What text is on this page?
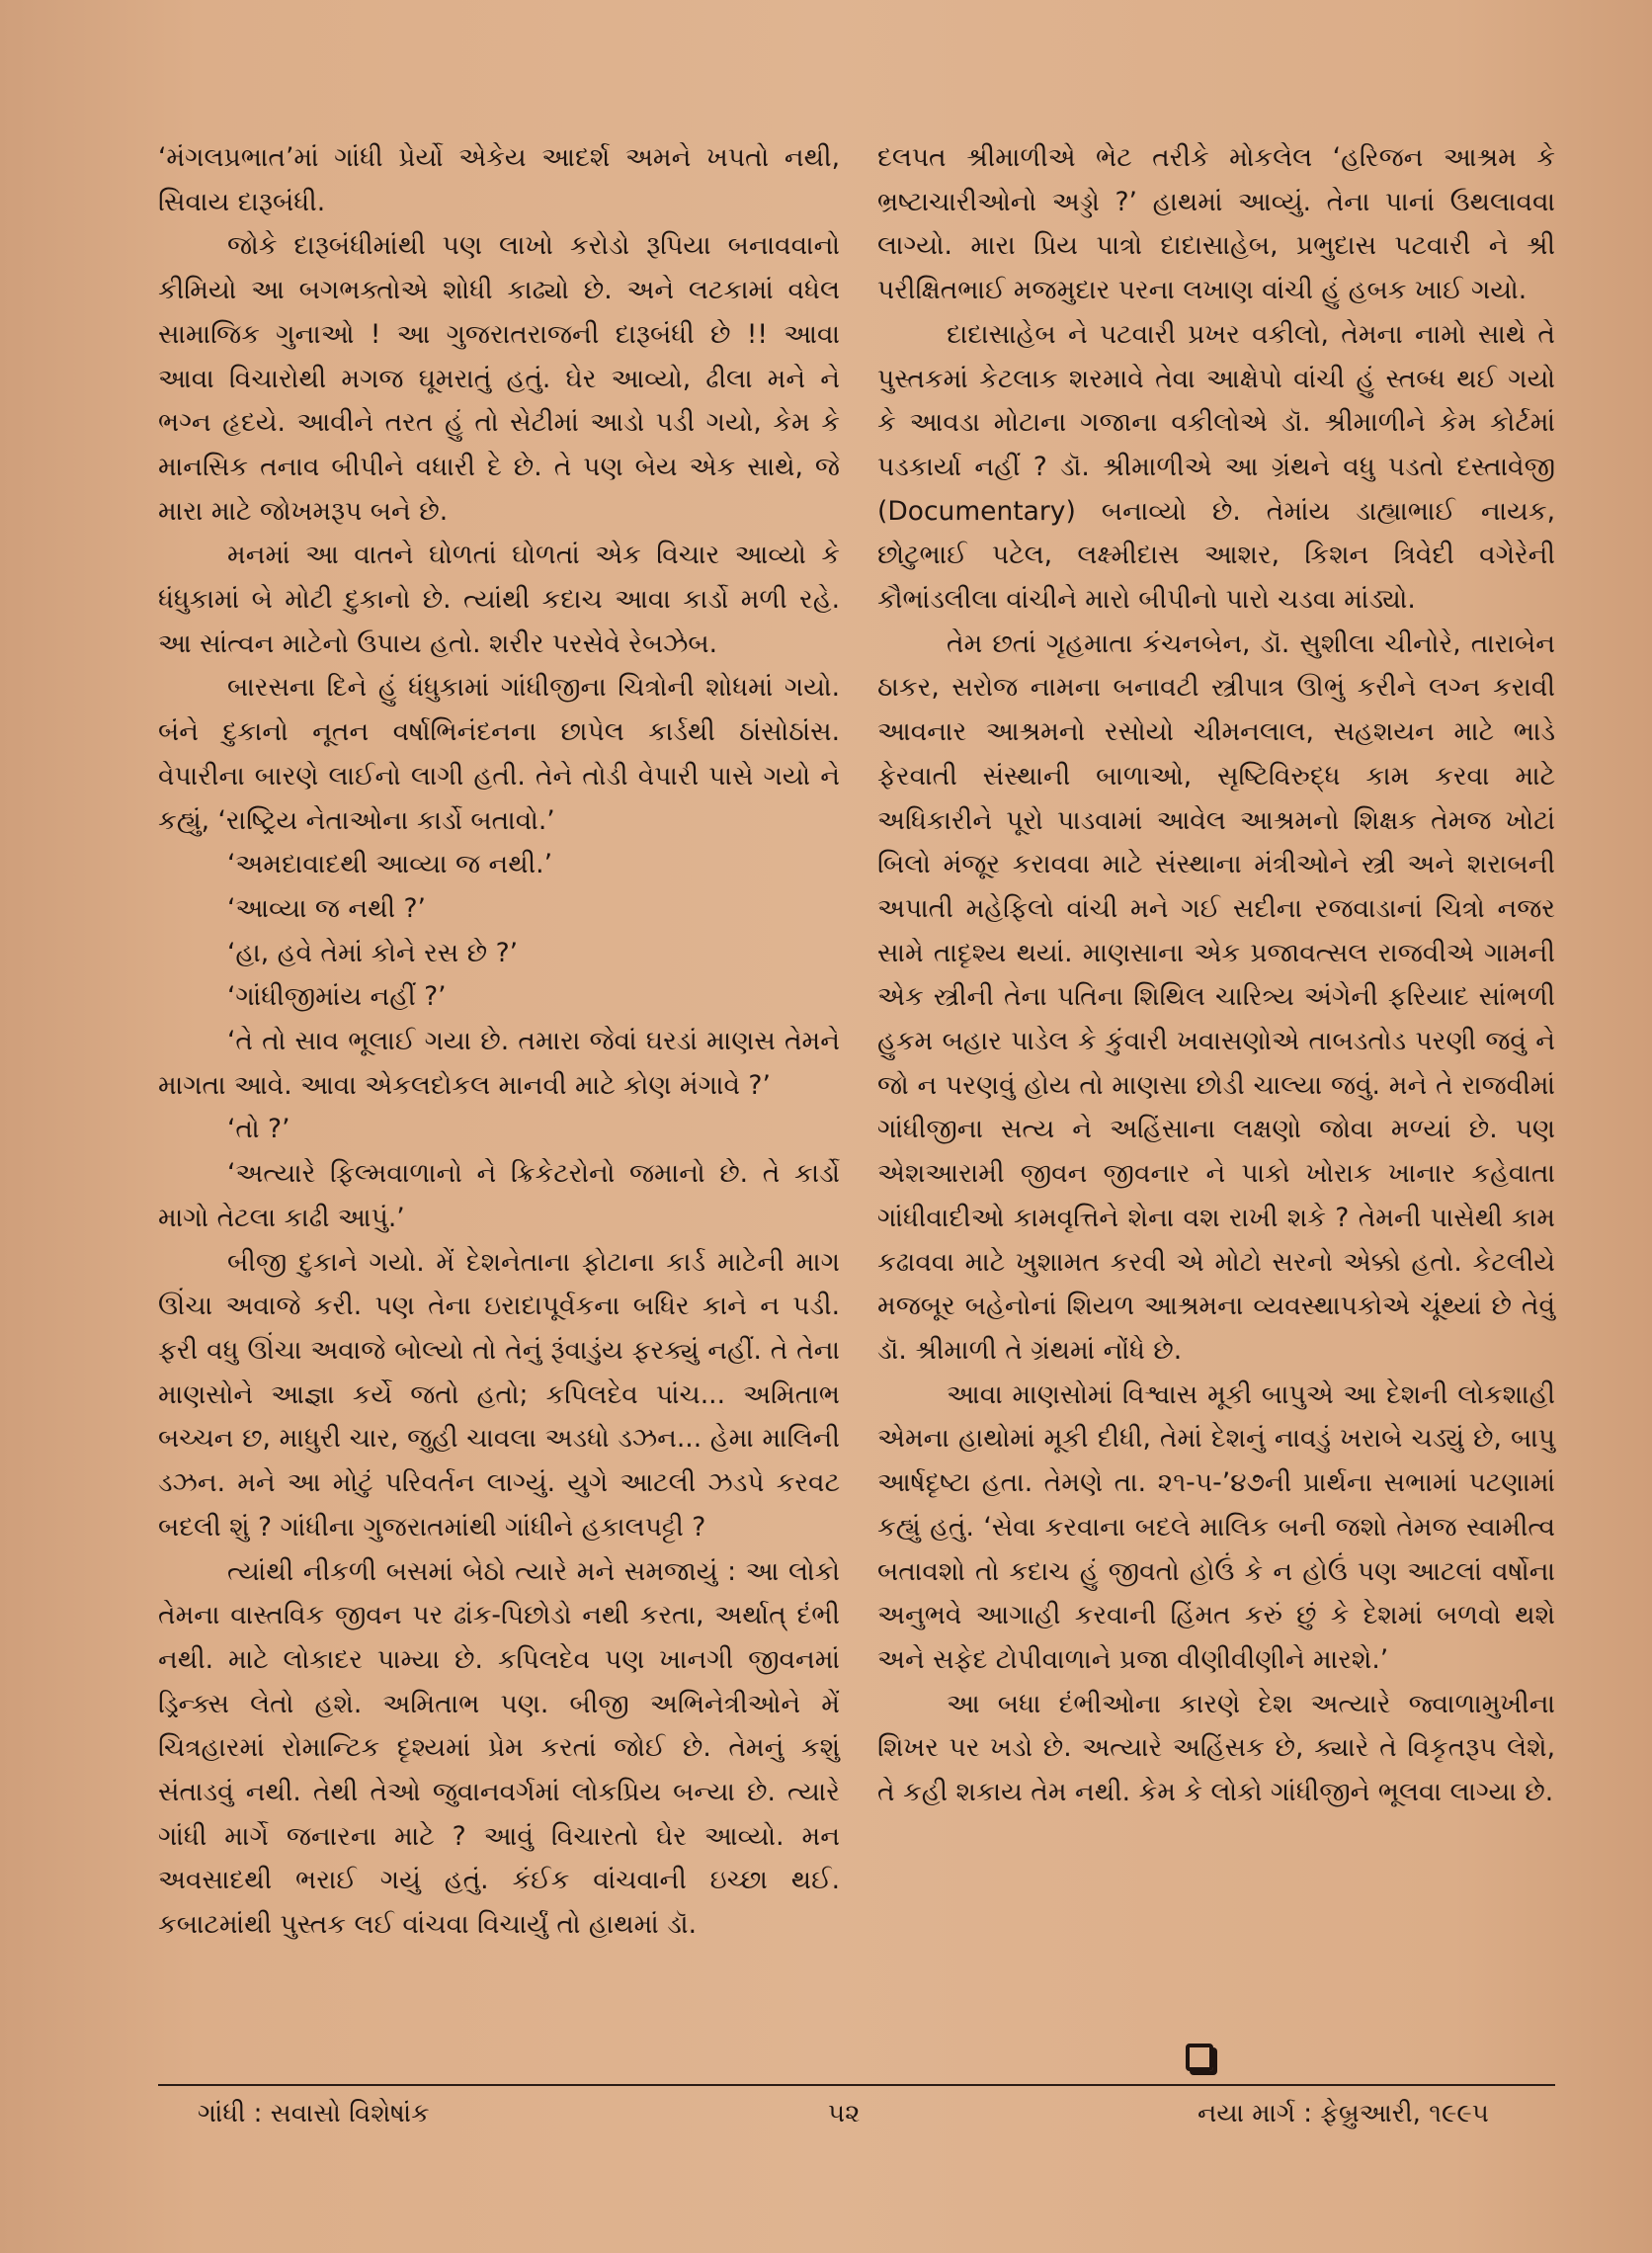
‘મંગલપ્રભાત’માં ગાંધી પ્રેર્યો એકેય આદર્શ અમને ખપતો નથી, સિવાય દારૂબંધી.

જોકે દારૂબંધીમાંથી પણ લાખો કરોડો રૂપિયા બનાવવાનો કીમિયો આ બગભક્તોએ શોધી કાઢ્યો છે. અને લટકામાં વધેલ સામાજિક ગુનાઓ ! આ ગુજરાતરાજની દારૂબંધી છે !! આવા આવા વિચારોથી મગજ ઘૂમરાતું હતું. ઘેર આવ્યો, ઢીલા મને ને ભગ્ન હૃદયે. આવીને તરત હું તો સેટીમાં આડો પડી ગયો, કેમ કે માનસિક તનાવ બીપીને વધારી દે છે. તે પણ બેય એક સાથે, જે મારા માટે જોખમરૂપ બને છે.

મનમાં આ વાતને ઘોળતાં ઘોળતાં એક વિચાર આવ્યો કે ધંધુકામાં બે મોટી દુકાનો છે. ત્યાંથી કદાચ આવા કાર્ડો મળી રહે. આ સાંત્વન માટેનો ઉપાય હતો. શરીર પરસેવે રેબઝેબ.

બારસના દિને હું ધંધુકામાં ગાંધીજીના ચિત્રોની શોધમાં ગયો. બંને દુકાનો નૂતન વર્ષાભિનંદનના છાપેલ કાર્ડથી ઠાંસોઠાંસ. વેપારીના બારણે લાઈનો લાગી હતી. તેને તોડી વેપારી પાસે ગયો ને કહ્યું, ‘રાષ્ટ્રિય નેતાઓના કાર્ડો બતાવો.’

‘અમદાવાદથી આવ્યા જ નથી.’

‘આવ્યા જ નથી ?’

‘હા, હવે તેમાં કોને રસ છે ?’

‘ગાંધીજીમાંય નહીં ?’

‘તે તો સાવ ભૂલાઈ ગયા છે. તમારા જેવાં ઘરડાં માણસ તેમને માગતા આવે. આવા એકલદોકલ માનવી માટે કોણ મંગાવે ?’

‘તો ?’

‘અત્યારે ફિલ્મવાળાનો ને ક્રિકેટરોનો જમાનો છે. તે કાર્ડો માગો તેટલા કાઢી આપું.’

બીજી દુકાને ગયો. મેં દેશનેતાના ફોટાના કાર્ડ માટેની માગ ઊંચા અવાજે કરી. પણ તેના ઇરાદાપૂર્વકના બધિર કાને ન પડી. ફરી વધુ ઊંચા અવાજે બોલ્યો તો તેનું રૂંવાડુંય ફરક્યું નહીં. તે તેના માણસોને આજ્ઞા કર્યે જતો હતો; કપિલદેવ પાંચ... અમિતાભ બચ્ચન છ, માધુરી ચાર, જુહી ચાવલા અડધો ડઝન... હેમા માલિની ડઝન. મને આ મોટું પરિવર્તન લાગ્યું. યુગે આટલી ઝડપે કરવટ બદલી શું ? ગાંધીના ગુજરાતમાંથી ગાંધીને હકાલપટ્ટી ?

ત્યાંથી નીકળી બસમાં બેઠો ત્યારે મને સમજાયું : આ લોકો તેમના વાસ્તવિક જીવન પર ઢાંક-પિછોડો નથી કરતા, અર્થાત્ દંભી નથી. માટે લોકાદર પામ્યા છે. કપિલદેવ પણ ખાનગી જીવનમાં ડ્રિન્ક્સ લેતો હશે. અમિતાભ પણ. બીજી અભિનેત્રીઓને મેં ચિત્રહારમાં રોમાન્ટિક દૃશ્યમાં પ્રેમ કરતાં જોઈ છે. તેમનું કશું સંતાડવું નથી. તેથી તેઓ જુવાનવર્ગમાં લોકપ્રિય બન્યા છે. ત્યારે ગાંધી માર્ગે જનારના માટે ? આવું વિચારતો ઘેર આવ્યો. મન અવસાદથી ભરાઈ ગયું હતું. કંઈક વાંચવાની ઇચ્છા થઈ. કબાટમાંથી પુસ્તક લઈ વાંચવા વિચાર્યું તો હાથમાં ડૉ.

દલપત શ્રીમાળીએ ભેટ તરીકે મોકલેલ ‘હરિજન આશ્રમ કે ભ્રષ્ટાચારીઓનો અડ્ડો ?’ હાથમાં આવ્યું. તેના પાનાં ઉથલાવવા લાગ્યો. મારા પ્રિય પાત્રો દાદાસાહેબ, પ્રભુદાસ પટવારી ને શ્રી પરીક્ષિતભાઈ મજમુદાર પરના લખાણ વાંચી હું હબક ખાઈ ગયો.

દાદાસાહેબ ને પટવારી પ્રખર વકીલો, તેમના નામો સાથે તે પુસ્તકમાં કેટલાક શરમાવે તેવા આક્ષેપો વાંચી હું સ્તબ્ધ થઈ ગયો કે આવડા મોટાના ગજાના વકીલોએ ડૉ. શ્રીમાળીને કેમ કોર્ટમાં પડકાર્યા નહીં ? ડૉ. શ્રીમાળીએ આ ગ્રંથને વધુ પડતો દસ્તાવેજી (Documentary) બનાવ્યો છે. તેમાંય ડાહ્યાભાઈ નાયક, છોટુભાઈ પટેલ, લક્ષ્મીદાસ આશર, કિશન ત્રિવેદી વગેરેની કૌભાંડલીલા વાંચીને મારો બીપીનો પારો ચડવા માંડ્યો.

તેમ છતાં ગૃહમાતા કંચનબેન, ડૉ. સુશીલા ચીનોરે, તારાબેન ઠાકર, સરોજ નામના બનાવટી સ્ત્રીપાત્ર ઊભું કરીને લગ્ન કરાવી આવનાર આશ્રમનો રસોયો ચીમનલાલ, સહશયન માટે ભાડે ફેરવાતી સંસ્થાની બાળાઓ, સૃષ્ટિવિરુદ્ધ કામ કરવા માટે અધિકારીને પૂરો પાડવામાં આવેલ આશ્રમનો શિક્ષક તેમજ ખોટાં બિલો મંજૂર કરાવવા માટે સંસ્થાના મંત્રીઓને સ્ત્રી અને શરાબની અપાતી મહેફિલો વાંચી મને ગઈ સદીના રજવાડાનાં ચિત્રો નજર સામે તાદૃશ્ય થયાં. માણસાના એક પ્રજાવત્સલ રાજવીએ ગામની એક સ્ત્રીની તેના પતિના શિથિલ ચારિત્ર્ય અંગેની ફરિયાદ સાંભળી હુકમ બહાર પાડેલ કે કુંવારી ખવાસણોએ તાબડતોડ પરણી જવું ને જો ન પરણવું હોય તો માણસા છોડી ચાલ્યા જવું. મને તે રાજવીમાં ગાંધીજીના સત્ય ને અહિંસાના લક્ષણો જોવા મળ્યાં છે. પણ એશઆરામી જીવન જીવનાર ને પાકો ખોરાક ખાનાર કહેવાતા ગાંધીવાદીઓ કામવૃત્તિને શેના વશ રાખી શકે ? તેમની પાસેથી કામ કઢાવવા માટે ખુશામત કરવી એ મોટો સરનો એક્કો હતો. કેટલીયે મજબૂર બહેનોનાં શિયળ આશ્રમના વ્યવસ્થાપકોએ ચૂંથ્યાં છે તેવું ડૉ. શ્રીમાળી તે ગ્રંથમાં નોંધે છે.

આવા માણસોમાં વિશ્વાસ મૂકી બાપુએ આ દેશની લોકશાહી એમના હાથોમાં મૂકી દીધી, તેમાં દેશનું નાવડું ખરાબે ચડ્યું છે, બાપુ આર્ષદૃષ્ટા હતા. તેમણે તા. ૨૧-૫-’૪૭ની પ્રાર્થના સભામાં પટણામાં કહ્યું હતું. ‘સેવા કરવાના બદલે માલિક બની જશો તેમજ સ્વામીત્વ બતાવશો તો કદાચ હું જીવતો હોઉં કે ન હોઉં પણ આટલાં વર્ષોના અનુભવે આગાહી કરવાની હિંમત કરું છું કે દેશમાં બળવો થશે અને સફેદ ટોપીવાળાને પ્રજા વીણીવીણીને મારશે.’

આ બધા દંભીઓના કારણે દેશ અત્યારે જ્વાળામુખીના શિખર પર ખડો છે. અત્યારે અહિંસક છે, ક્યારે તે વિકૃતરૂપ લેશે, તે કહી શકાય તેમ નથી. કેમ કે લોકો ગાંધીજીને ભૂલવા લાગ્યા છે.

ગાંધી : સવાસો વિશેષાંક	૫૨	નયા માર્ગ : ફેબ્રુઆરી, ૧૯૯૫
